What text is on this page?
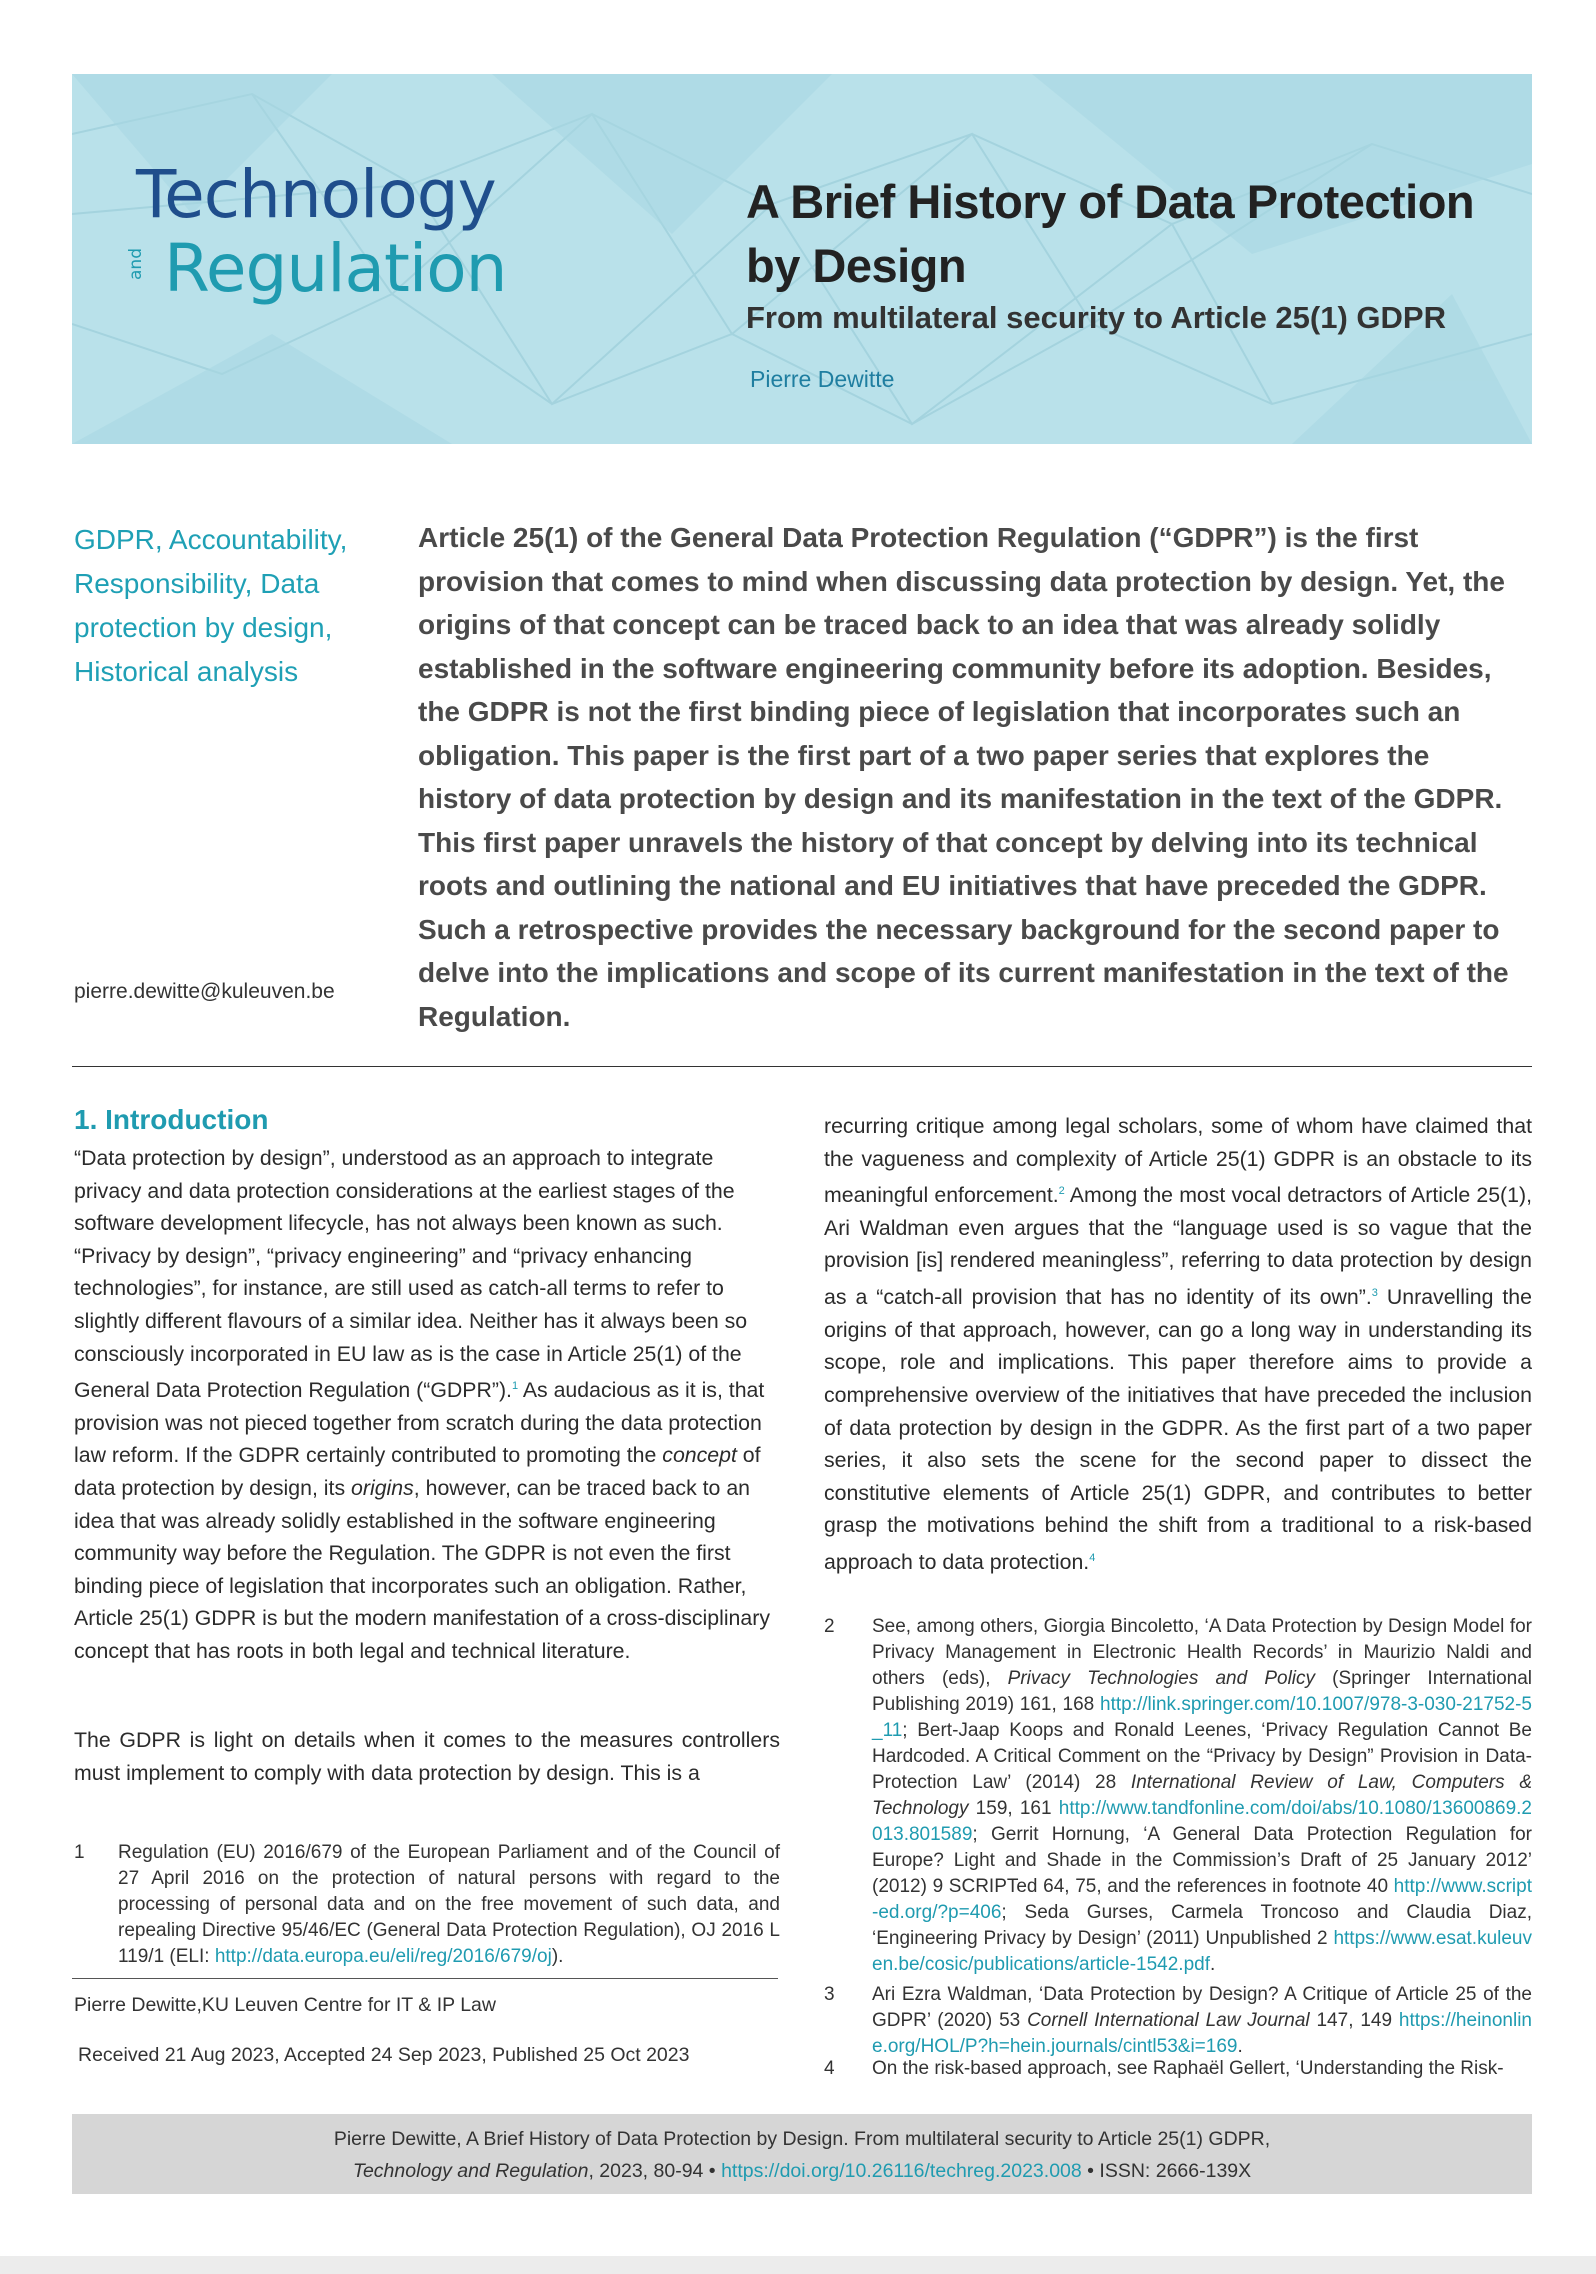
Technology
and Regulation
A Brief History of Data Protection by Design
From multilateral security to Article 25(1) GDPR
Pierre Dewitte
GDPR, Accountability, Responsibility, Data protection by design, Historical analysis
pierre.dewitte@kuleuven.be
Article 25(1) of the General Data Protection Regulation (“GDPR”) is the first provision that comes to mind when discussing data protection by design. Yet, the origins of that concept can be traced back to an idea that was already solidly established in the software engineering community before its adoption. Besides, the GDPR is not the first binding piece of legislation that incorporates such an obligation. This paper is the first part of a two paper series that explores the history of data protection by design and its manifestation in the text of the GDPR. This first paper unravels the history of that concept by delving into its technical roots and outlining the national and EU initiatives that have preceded the GDPR. Such a retrospective provides the necessary background for the second paper to delve into the implications and scope of its current manifestation in the text of the Regulation.
1. Introduction
“Data protection by design”, understood as an approach to integrate privacy and data protection considerations at the earliest stages of the software development lifecycle, has not always been known as such. “Privacy by design”, “privacy engineering” and “privacy enhancing technologies”, for instance, are still used as catch-all terms to refer to slightly different flavours of a similar idea. Neither has it always been so consciously incorporated in EU law as is the case in Article 25(1) of the General Data Protection Regulation (“GDPR”).$^1$ As audacious as it is, that provision was not pieced together from scratch during the data protection law reform. If the GDPR certainly contributed to promoting the concept of data protection by design, its origins, however, can be traced back to an idea that was already solidly established in the software engineering community way before the Regulation. The GDPR is not even the first binding piece of legislation that incorporates such an obligation. Rather, Article 25(1) GDPR is but the modern manifestation of a cross-disciplinary concept that has roots in both legal and technical literature.
The GDPR is light on details when it comes to the measures controllers must implement to comply with data protection by design. This is a
1 Regulation (EU) 2016/679 of the European Parliament and of the Council of 27 April 2016 on the protection of natural persons with regard to the processing of personal data and on the free movement of such data, and repealing Directive 95/46/EC (General Data Protection Regulation), OJ 2016 L 119/1 (ELI: http://data.europa.eu/eli/reg/2016/679/oj).
Pierre Dewitte,KU Leuven Centre for IT & IP Law
Received 21 Aug 2023, Accepted 24 Sep 2023, Published 25 Oct 2023
recurring critique among legal scholars, some of whom have claimed that the vagueness and complexity of Article 25(1) GDPR is an obstacle to its meaningful enforcement.$^2$ Among the most vocal detractors of Article 25(1), Ari Waldman even argues that the “language used is so vague that the provision [is] rendered meaningless”, referring to data protection by design as a “catch-all provision that has no identity of its own”.$^3$ Unravelling the origins of that approach, however, can go a long way in understanding its scope, role and implications. This paper therefore aims to provide a comprehensive overview of the initiatives that have preceded the inclusion of data protection by design in the GDPR. As the first part of a two paper series, it also sets the scene for the second paper to dissect the constitutive elements of Article 25(1) GDPR, and contributes to better grasp the motivations behind the shift from a traditional to a risk-based approach to data protection.$^4$
2 See, among others, Giorgia Bincoletto, ‘A Data Protection by Design Model for Privacy Management in Electronic Health Records’ in Maurizio Naldi and others (eds), Privacy Technologies and Policy (Springer International Publishing 2019) 161, 168 http://link.springer.com/10.1007/978-3-030-21752-5_11; Bert-Jaap Koops and Ronald Leenes, ‘Privacy Regulation Cannot Be Hardcoded. A Critical Comment on the “Privacy by Design” Provision in Data-Protection Law’ (2014) 28 International Review of Law, Computers & Technology 159, 161 http://www.tandfonline.com/doi/abs/10.1080/13600869.2013.801589; Gerrit Hornung, ‘A General Data Protection Regulation for Europe? Light and Shade in the Commission’s Draft of 25 January 2012’ (2012) 9 SCRIPTed 64, 75, and the references in footnote 40 http://www.script-ed.org/?p=406; Seda Gurses, Carmela Troncoso and Claudia Diaz, ‘Engineering Privacy by Design’ (2011) Unpublished 2 https://www.esat.kuleuven.be/cosic/publications/article-1542.pdf.
3 Ari Ezra Waldman, ‘Data Protection by Design? A Critique of Article 25 of the GDPR’ (2020) 53 Cornell International Law Journal 147, 149 https://heinonline.org/HOL/P?h=hein.journals/cintl53&i=169.
4 On the risk-based approach, see Raphaël Gellert, ‘Understanding the Risk-
Pierre Dewitte, A Brief History of Data Protection by Design. From multilateral security to Article 25(1) GDPR,
Technology and Regulation, 2023, 80-94 • https://doi.org/10.26116/techreg.2023.008 • ISSN: 2666-139X
